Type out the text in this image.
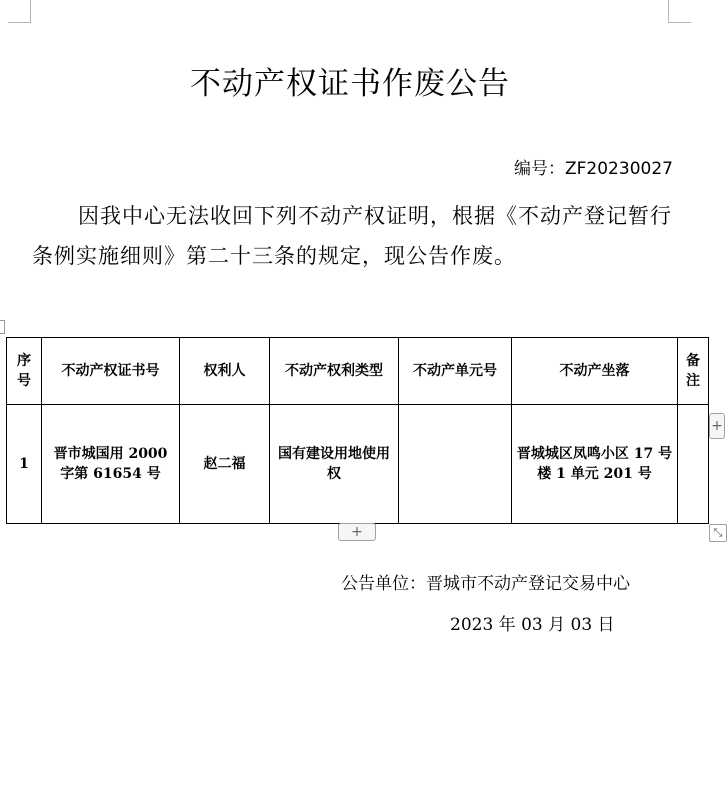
不动产权证书作废公告
编号：ZF20230027
因我中心无法收回下列不动产权证明，根据《不动产登记暂行条例实施细则》第二十三条的规定，现公告作废。
序号	不动产权证书号	权利人	不动产权利类型	不动产单元号	不动产坐落	备注
1	晋市城国用 2000 字第 61654 号	赵二福	国有建设用地使用权		晋城城区凤鸣小区 17 号楼 1 单元 201 号	
+
+	⤡
公告单位：晋城市不动产登记交易中心
2023 年 03 月 03 日
